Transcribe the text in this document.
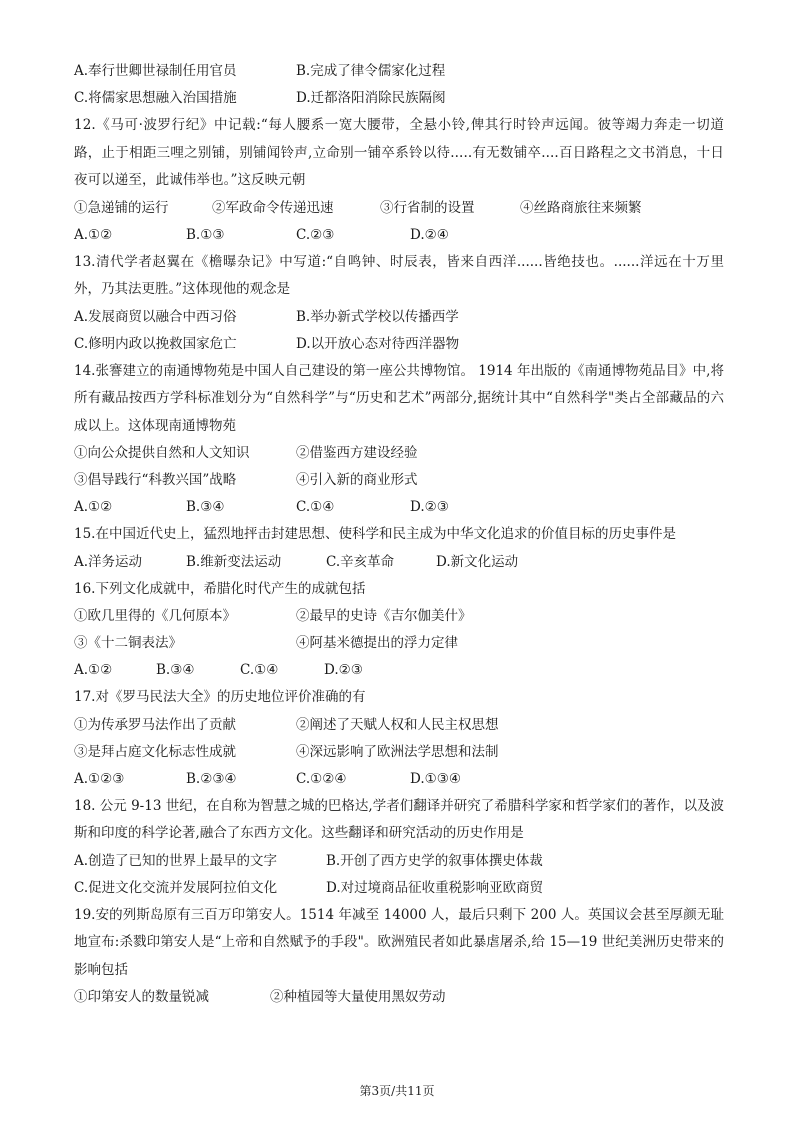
A.奉行世卿世禄制任用官员	B.完成了律令儒家化过程
C.将儒家思想融入治国措施	D.迁都洛阳消除民族隔阂
12.《马可·波罗行纪》中记载:“每人腰系一宽大腰带，全悬小铃,俾其行时铃声远闻。彼等竭力奔走一切道路，止于相距三哩之别铺，别铺闻铃声,立命别一铺卒系铃以待.....有无数铺卒....百日路程之文书消息，十日夜可以递至，此诚伟举也。”这反映元朝
①急递铺的运行	②军政命令传递迅速	③行省制的设置	④丝路商旅往来频繁
A.①②	B.①③	C.②③	D.②④
13.清代学者赵翼在《檐曝杂记》中写道:“自鸣钟、时辰表，皆来自西洋......皆绝技也。......洋远在十万里外，乃其法更胜。”这体现他的观念是
A.发展商贸以融合中西习俗	B.举办新式学校以传播西学
C.修明内政以挽救国家危亡	D.以开放心态对待西洋器物
14.张謇建立的南通博物苑是中国人自己建设的第一座公共博物馆。 1914 年出版的《南通博物苑品目》中,将所有藏品按西方学科标准划分为“自然科学”与“历史和艺术”两部分,据统计其中“自然科学"类占全部藏品的六成以上。这体现南通博物苑
①向公众提供自然和人文知识	②借鉴西方建设经验
③倡导践行“科教兴国”战略	④引入新的商业形式
A.①②	B.③④	C.①④	D.②③
15.在中国近代史上，猛烈地抨击封建思想、使科学和民主成为中华文化追求的价值目标的历史事件是
A.洋务运动	B.维新变法运动	C.辛亥革命	D.新文化运动
16.下列文化成就中，希腊化时代产生的成就包括
①欧几里得的《几何原本》	②最早的史诗《吉尔伽美什》
③《十二铜表法》	④阿基米德提出的浮力定律
A.①②	B.③④	C.①④	D.②③
17.对《罗马民法大全》的历史地位评价准确的有
①为传承罗马法作出了贡献	②阐述了天赋人权和人民主权思想
③是拜占庭文化标志性成就	④深远影响了欧洲法学思想和法制
A.①②③	B.②③④	C.①②④	D.①③④
18. 公元 9-13 世纪，在自称为智慧之城的巴格达,学者们翻译并研究了希腊科学家和哲学家们的著作，以及波斯和印度的科学论著,融合了东西方文化。这些翻译和研究活动的历史作用是
A.创造了已知的世界上最早的文字	B.开创了西方史学的叙事体撰史体裁
C.促进文化交流并发展阿拉伯文化	D.对过境商品征收重税影响亚欧商贸
19.安的列斯岛原有三百万印第安人。1514 年减至 14000 人，最后只剩下 200 人。英国议会甚至厚颜无耻地宣布:杀戮印第安人是“上帝和自然赋予的手段"。欧洲殖民者如此暴虐屠杀,给 15—19 世纪美洲历史带来的影响包括
①印第安人的数量锐减	②种植园等大量使用黑奴劳动
第3页/共11页
